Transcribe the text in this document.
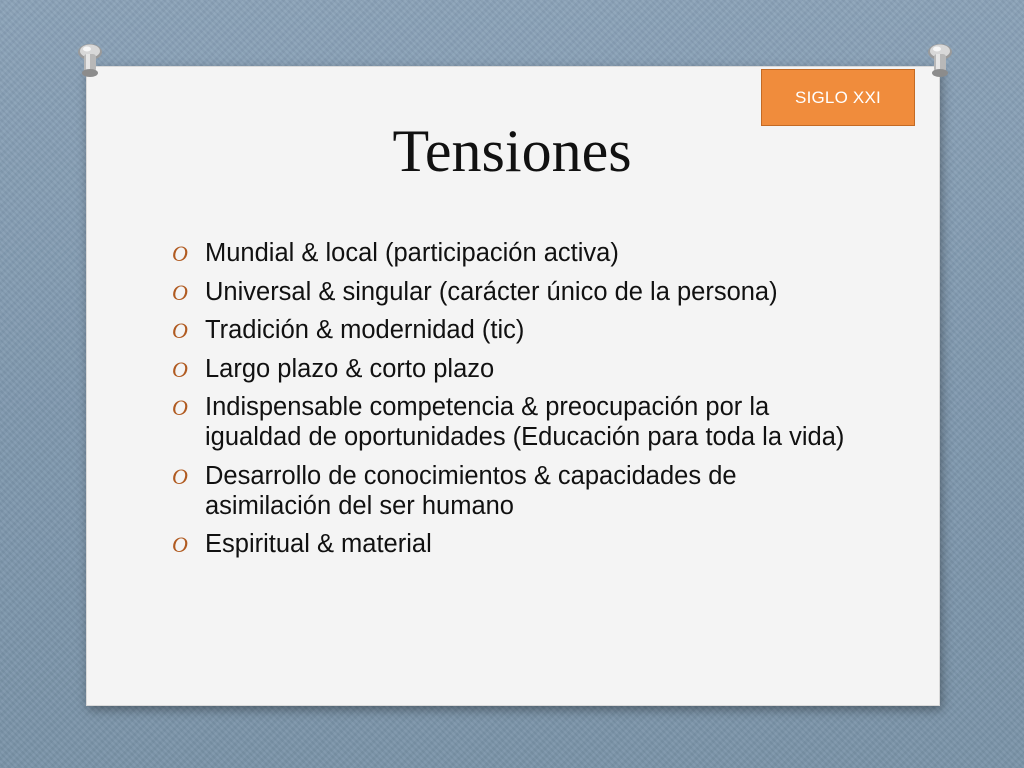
SIGLO XXI
Tensiones
O Mundial & local (participación activa)
O Universal & singular (carácter único de la persona)
O Tradición & modernidad (tic)
O Largo plazo & corto plazo
O Indispensable competencia & preocupación por la igualdad de oportunidades (Educación para toda la vida)
O Desarrollo de conocimientos & capacidades de asimilación del ser humano
O Espiritual & material
